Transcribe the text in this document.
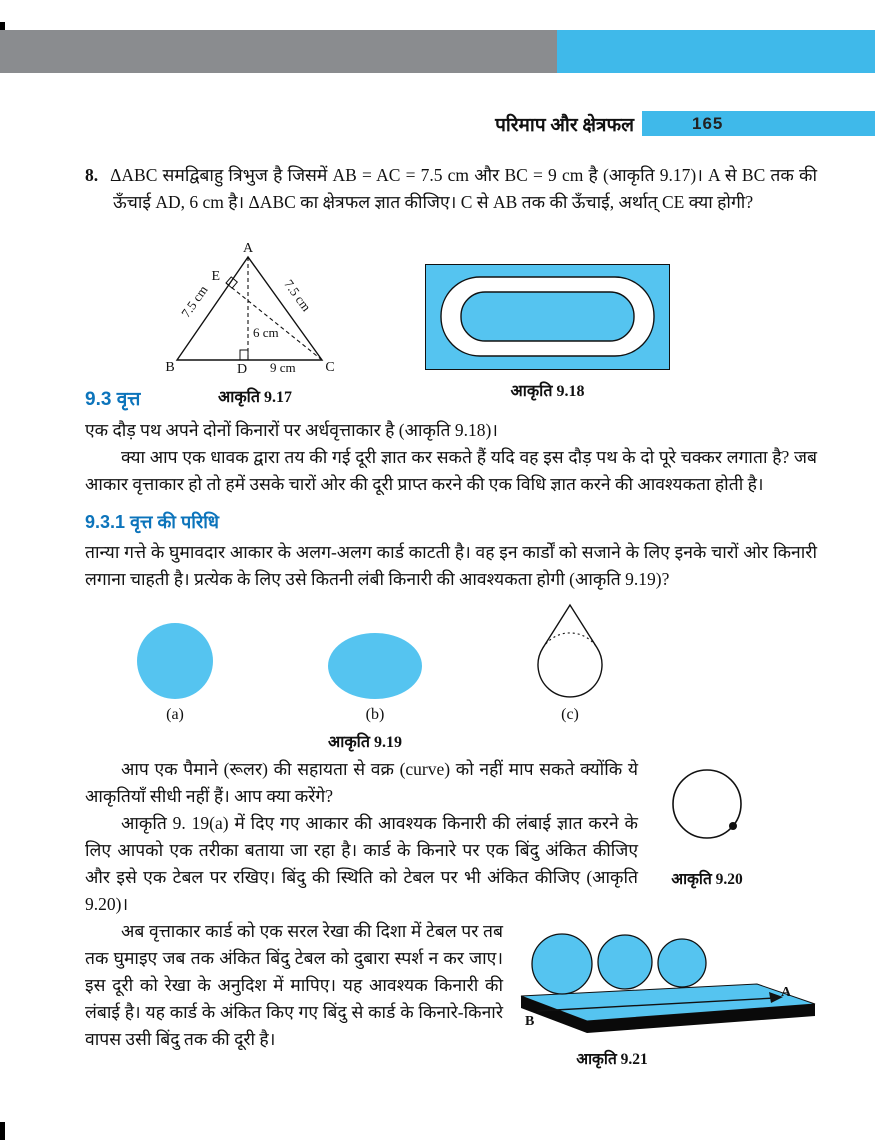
परिमाप और क्षेत्रफल	165

8. ΔABC समद्विबाहु त्रिभुज है जिसमें AB = AC = 7.5 cm और BC = 9 cm है (आकृति 9.17)। A से BC तक की ऊँचाई AD, 6 cm है। ΔABC का क्षेत्रफल ज्ञात कीजिए। C से AB तक की ऊँचाई, अर्थात् CE क्या होगी?

A
B	C
D
E
7.5 cm	7.5 cm
6 cm
9 cm
आकृति 9.17	आकृति 9.18
9.3 वृत्त

एक दौड़ पथ अपने दोनों किनारों पर अर्धवृत्ताकार है (आकृति 9.18)।

क्या आप एक धावक द्वारा तय की गई दूरी ज्ञात कर सकते हैं यदि वह इस दौड़ पथ के दो पूरे चक्कर लगाता है? जब आकार वृत्ताकार हो तो हमें उसके चारों ओर की दूरी प्राप्त करने की एक विधि ज्ञात करने की आवश्यकता होती है।

9.3.1 वृत्त की परिधि

तान्या गत्ते के घुमावदार आकार के अलग-अलग कार्ड काटती है। वह इन कार्डों को सजाने के लिए इनके चारों ओर किनारी लगाना चाहती है। प्रत्येक के लिए उसे कितनी लंबी किनारी की आवश्यकता होगी (आकृति 9.19)?

(a)	(b)	(c)
आकृति 9.19
आकृति 9.20

आप एक पैमाने (रूलर) की सहायता से वक्र (curve) को नहीं माप सकते क्योंकि ये आकृतियाँ सीधी नहीं हैं। आप क्या करेंगे?

आकृति 9. 19(a) में दिए गए आकार की आवश्यक किनारी की लंबाई ज्ञात करने के लिए आपको एक तरीका बताया जा रहा है। कार्ड के किनारे पर एक बिंदु अंकित कीजिए और इसे एक टेबल पर रखिए। बिंदु की स्थिति को टेबल पर भी अंकित कीजिए (आकृति 9.20)।

B
A
आकृति 9.21

अब वृत्ताकार कार्ड को एक सरल रेखा की दिशा में टेबल पर तब तक घुमाइए जब तक अंकित बिंदु टेबल को दुबारा स्पर्श न कर जाए। इस दूरी को रेखा के अनुदिश में मापिए। यह आवश्यक किनारी की लंबाई है। यह कार्ड के अंकित किए गए बिंदु से कार्ड के किनारे-किनारे वापस उसी बिंदु तक की दूरी है।
